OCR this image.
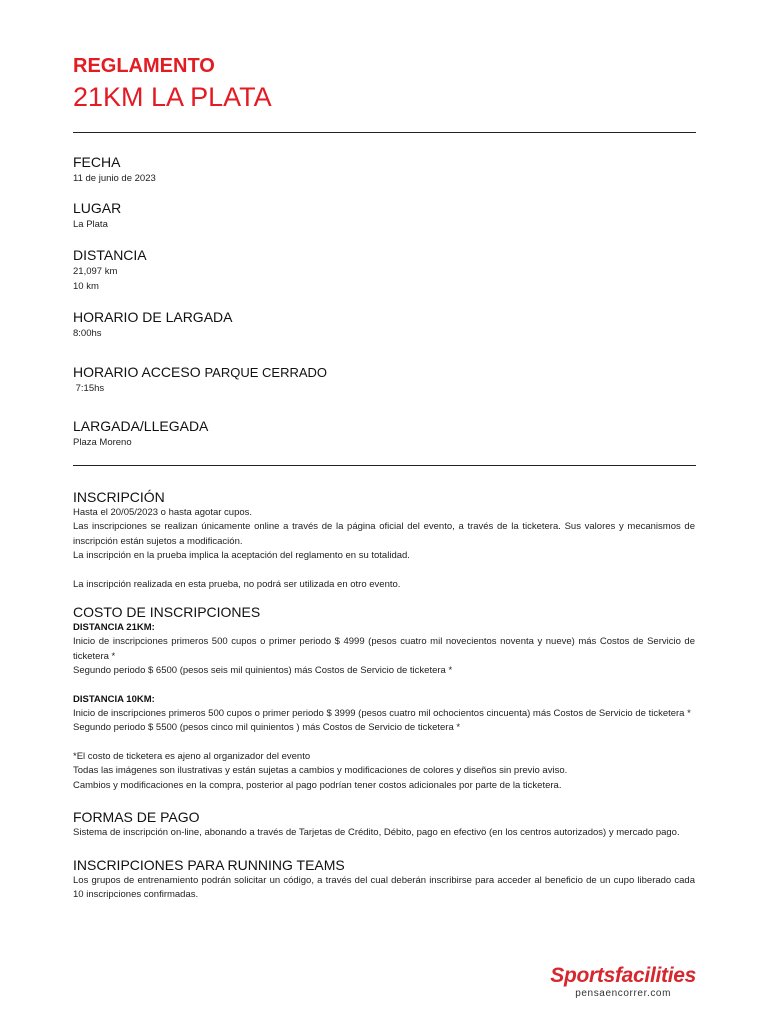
REGLAMENTO

21KM LA PLATA
FECHA

11 de junio de 2023

LUGAR

La Plata

DISTANCIA

21,097 km

10 km

HORARIO DE LARGADA

8:00hs

HORARIO ACCESO PARQUE CERRADO

7:15hs

LARGADA/LLEGADA

Plaza Moreno

INSCRIPCIÓN

Hasta el 20/05/2023 o hasta agotar cupos.

Las inscripciones se realizan únicamente online a través de la página oficial del evento, a través de la ticketera. Sus valores y mecanismos de inscripción están sujetos a modificación.

La inscripción en la prueba implica la aceptación del reglamento en su totalidad.

La inscripción realizada en esta prueba, no podrá ser utilizada en otro evento.

COSTO DE INSCRIPCIONES

DISTANCIA 21KM:

Inicio de inscripciones primeros 500 cupos o primer periodo $ 4999 (pesos cuatro mil novecientos noventa y nueve) más Costos de Servicio de ticketera *

Segundo periodo $ 6500 (pesos seis mil quinientos) más Costos de Servicio de ticketera *

DISTANCIA 10KM:

Inicio de inscripciones primeros 500 cupos o primer periodo $ 3999 (pesos cuatro mil ochocientos cincuenta) más Costos de Servicio de ticketera *

Segundo periodo $ 5500 (pesos cinco mil quinientos ) más Costos de Servicio de ticketera *

*El costo de ticketera es ajeno al organizador del evento

Todas las imágenes son ilustrativas y están sujetas a cambios y modificaciones de colores y diseños sin previo aviso.

Cambios y modificaciones en la compra, posterior al pago podrían tener costos adicionales por parte de la ticketera.

FORMAS DE PAGO

Sistema de inscripción on-line, abonando a través de Tarjetas de Crédito, Débito, pago en efectivo (en los centros autorizados) y mercado pago.

INSCRIPCIONES PARA RUNNING TEAMS

Los grupos de entrenamiento podrán solicitar un código, a través del cual deberán inscribirse para acceder al beneficio de un cupo liberado cada 10 inscripciones confirmadas.

Sportsfacilities
pensaencorrer.com
